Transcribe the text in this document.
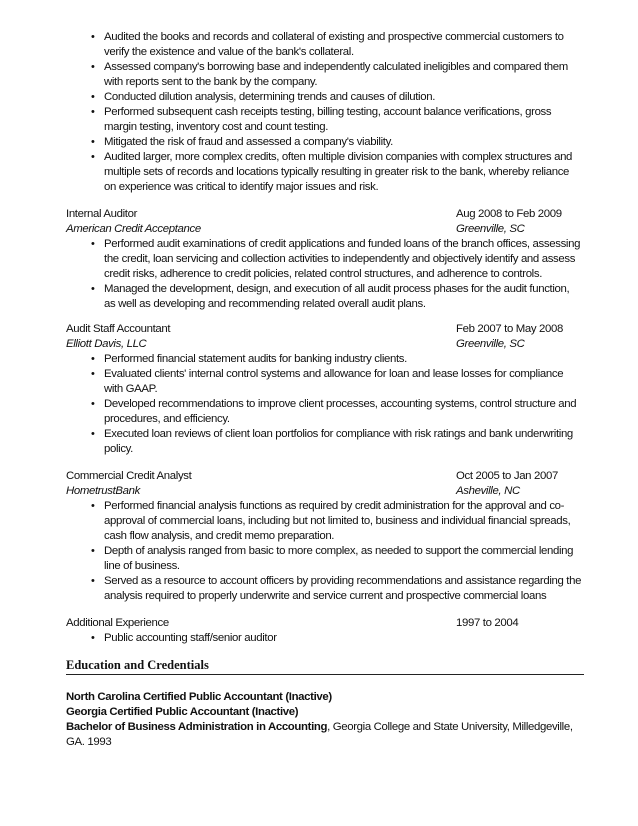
• Audited the books and records and collateral of existing and prospective commercial customers to verify the existence and value of the bank's collateral.
• Assessed company's borrowing base and independently calculated ineligibles and compared them with reports sent to the bank by the company.
• Conducted dilution analysis, determining trends and causes of dilution.
• Performed subsequent cash receipts testing, billing testing, account balance verifications, gross margin testing, inventory cost and count testing.
• Mitigated the risk of fraud and assessed a company's viability.
• Audited larger, more complex credits, often multiple division companies with complex structures and multiple sets of records and locations typically resulting in greater risk to the bank, whereby reliance on experience was critical to identify major issues and risk.
Internal Auditor	Aug 2008 to Feb 2009
American Credit Acceptance	Greenville, SC
• Performed audit examinations of credit applications and funded loans of the branch offices, assessing the credit, loan servicing and collection activities to independently and objectively identify and assess credit risks, adherence to credit policies, related control structures, and adherence to controls.
• Managed the development, design, and execution of all audit process phases for the audit function, as well as developing and recommending related overall audit plans.
Audit Staff Accountant	Feb 2007 to May 2008
Elliott Davis, LLC	Greenville, SC
• Performed financial statement audits for banking industry clients.
• Evaluated clients' internal control systems and allowance for loan and lease losses for compliance with GAAP.
• Developed recommendations to improve client processes, accounting systems, control structure and procedures, and efficiency.
• Executed loan reviews of client loan portfolios for compliance with risk ratings and bank underwriting policy.
Commercial Credit Analyst	Oct 2005 to Jan 2007
HometrustBank	Asheville, NC
• Performed financial analysis functions as required by credit administration for the approval and co-approval of commercial loans, including but not limited to, business and individual financial spreads, cash flow analysis, and credit memo preparation.
• Depth of analysis ranged from basic to more complex, as needed to support the commercial lending line of business.
• Served as a resource to account officers by providing recommendations and assistance regarding the analysis required to properly underwrite and service current and prospective commercial loans
Additional Experience	1997 to 2004
• Public accounting staff/senior auditor
Education and Credentials
North Carolina Certified Public Accountant (Inactive)
Georgia Certified Public Accountant (Inactive)
Bachelor of Business Administration in Accounting, Georgia College and State University, Milledgeville, GA. 1993
